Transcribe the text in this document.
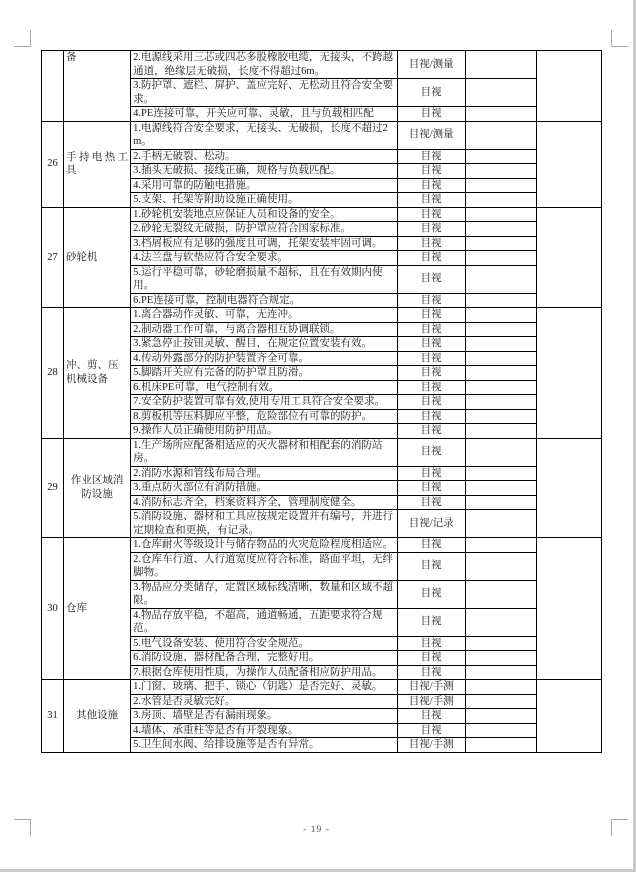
	备	2.电源线采用三芯或四芯多股橡胶电缆，无接头，不跨越通道，绝缘层无破损，长度不得超过6m。	目视/测量		
		3.防护罩、遮栏、屏护、盖应完好、无松动且符合安全要求。	目视		
		4.PE连接可靠，开关应可靠、灵敏，且与负载相匹配	目视		
26	手持电热工具	1.电源线符合安全要求，无接头、无破损，长度不超过2m。	目视/测量		
		2.手柄无破裂、松动。	目视		
		3.插头无破损、接线正确，规格与负载匹配。	目视		
		4.采用可靠的防触电措施。	目视		
		5.支架、托架等附助设施正确使用。	目视		
27	砂轮机	1.砂轮机安装地点应保证人员和设备的安全。	目视		
		2.砂轮无裂纹无破损，防护罩应符合国家标准。	目视		
		3.档屑板应有足够的强度且可调，托架安装牢固可调。	目视		
		4.法兰盘与软垫应符合安全要求。	目视		
		5.运行平稳可靠，砂轮磨损量不超标，且在有效期内使用。	目视		
		6.PE连接可靠，控制电器符合规定。	目视		
28	冲、剪、压机械设备	1.离合器动作灵敏、可靠，无连冲。	目视		
		2.制动器工作可靠，与离合器相互协调联锁。	目视		
		3.紧急停止按钮灵敏、醒目，在规定位置安装有效。	目视		
		4.传动外露部分的防护装置齐全可靠。	目视		
		5.脚踏开关应有完备的防护罩且防滑。	目视		
		6.机床PE可靠，电气控制有效。	目视		
		7.安全防护装置可靠有效,使用专用工具符合安全要求。	目视		
		8.剪板机等压料脚应平整，危险部位有可靠的防护。	目视		
		9.操作人员正确使用防护用品。	目视		
29	作业区域消防设施	1.生产场所应配备相适应的灭火器材和相配套的消防站房。	目视		
		2.消防水源和管线布局合理。	目视		
		3.重点防火部位有消防措施。	目视		
		4.消防标志齐全，档案资料齐全，管理制度健全。	目视		
		5.消防设施、器材和工具应按规定设置并有编号，并进行定期检查和更换，有记录。	目视/记录		
30	仓库	1.仓库耐火等级设计与储存物品的火灾危险程度相适应。	目视		
		2.仓库车行道、人行道宽度应符合标准，路面平坦，无绊脚物。	目视		
		3.物品应分类储存，定置区域标线清晰，数量和区域不超限。	目视		
		4.物品存放平稳，不超高，通道畅通，五距要求符合规范。	目视		
		5.电气设备安装、使用符合安全规范。	目视		
		6.消防设施、器材配备合理，完整好用。	目视		
		7.根据仓库使用性质，为操作人员配备相应防护用品。	目视		
31	其他设施	1.门窗、玻璃、把手、锁心（钥匙）是否完好、灵敏。	目视/手测		
		2.水管是否灵敏完好。	目视/手测		
		3.房顶、墙壁是否有漏雨现象。	目视		
		4.墙体、承重柱等是否有开裂现象。	目视		
		5.卫生间水阀、给排设施等是否有异常。	目视/手测		
- 19 -
